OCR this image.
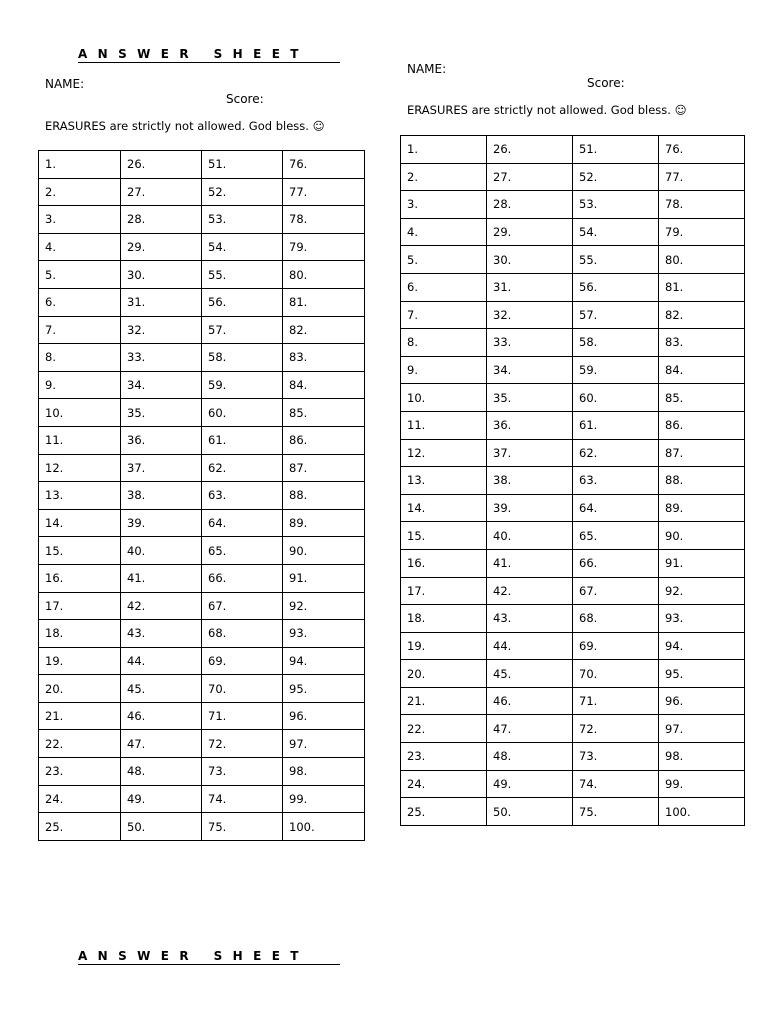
ANSWER SHEET
NAME:
Score:
ERASURES are strictly not allowed. God bless. ☺
1.	26.	51.	76.
2.	27.	52.	77.
3.	28.	53.	78.
4.	29.	54.	79.
5.	30.	55.	80.
6.	31.	56.	81.
7.	32.	57.	82.
8.	33.	58.	83.
9.	34.	59.	84.
10.	35.	60.	85.
11.	36.	61.	86.
12.	37.	62.	87.
13.	38.	63.	88.
14.	39.	64.	89.
15.	40.	65.	90.
16.	41.	66.	91.
17.	42.	67.	92.
18.	43.	68.	93.
19.	44.	69.	94.
20.	45.	70.	95.
21.	46.	71.	96.
22.	47.	72.	97.
23.	48.	73.	98.
24.	49.	74.	99.
25.	50.	75.	100.
NAME:
Score:
ERASURES are strictly not allowed. God bless. ☺
1.	26.	51.	76.
2.	27.	52.	77.
3.	28.	53.	78.
4.	29.	54.	79.
5.	30.	55.	80.
6.	31.	56.	81.
7.	32.	57.	82.
8.	33.	58.	83.
9.	34.	59.	84.
10.	35.	60.	85.
11.	36.	61.	86.
12.	37.	62.	87.
13.	38.	63.	88.
14.	39.	64.	89.
15.	40.	65.	90.
16.	41.	66.	91.
17.	42.	67.	92.
18.	43.	68.	93.
19.	44.	69.	94.
20.	45.	70.	95.
21.	46.	71.	96.
22.	47.	72.	97.
23.	48.	73.	98.
24.	49.	74.	99.
25.	50.	75.	100.
ANSWER SHEET
